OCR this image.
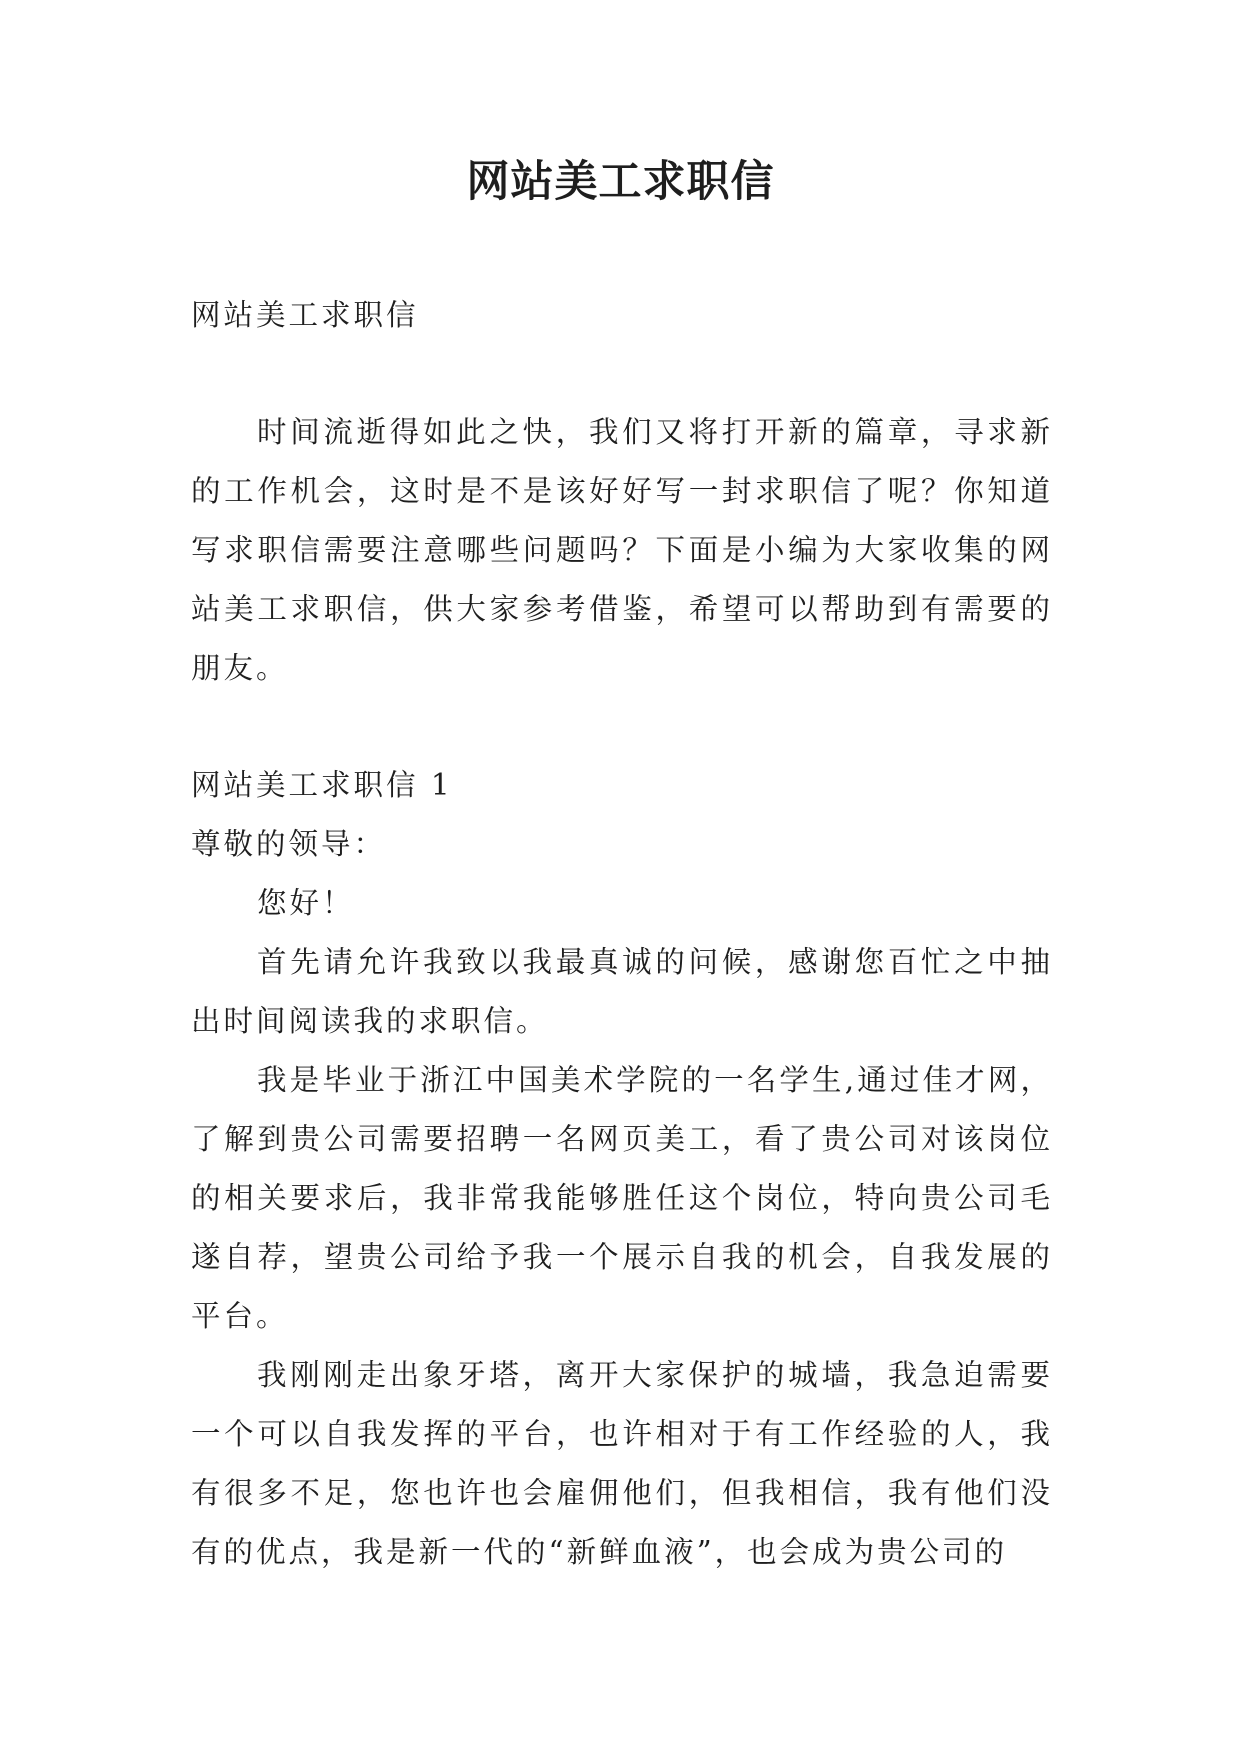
网站美工求职信

网站美工求职信

时间流逝得如此之快，我们又将打开新的篇章，寻求新的工作机会，这时是不是该好好写一封求职信了呢？你知道写求职信需要注意哪些问题吗？下面是小编为大家收集的网站美工求职信，供大家参考借鉴，希望可以帮助到有需要的朋友。

网站美工求职信 1

尊敬的领导：

您好！

首先请允许我致以我最真诚的问候，感谢您百忙之中抽出时间阅读我的求职信。

我是毕业于浙江中国美术学院的一名学生,通过佳才网，了解到贵公司需要招聘一名网页美工，看了贵公司对该岗位的相关要求后，我非常我能够胜任这个岗位，特向贵公司毛遂自荐，望贵公司给予我一个展示自我的机会，自我发展的平台。

我刚刚走出象牙塔，离开大家保护的城墙，我急迫需要一个可以自我发挥的平台，也许相对于有工作经验的人，我有很多不足，您也许也会雇佣他们，但我相信，我有他们没有的优点，我是新一代的“新鲜血液”，也会成为贵公司的
